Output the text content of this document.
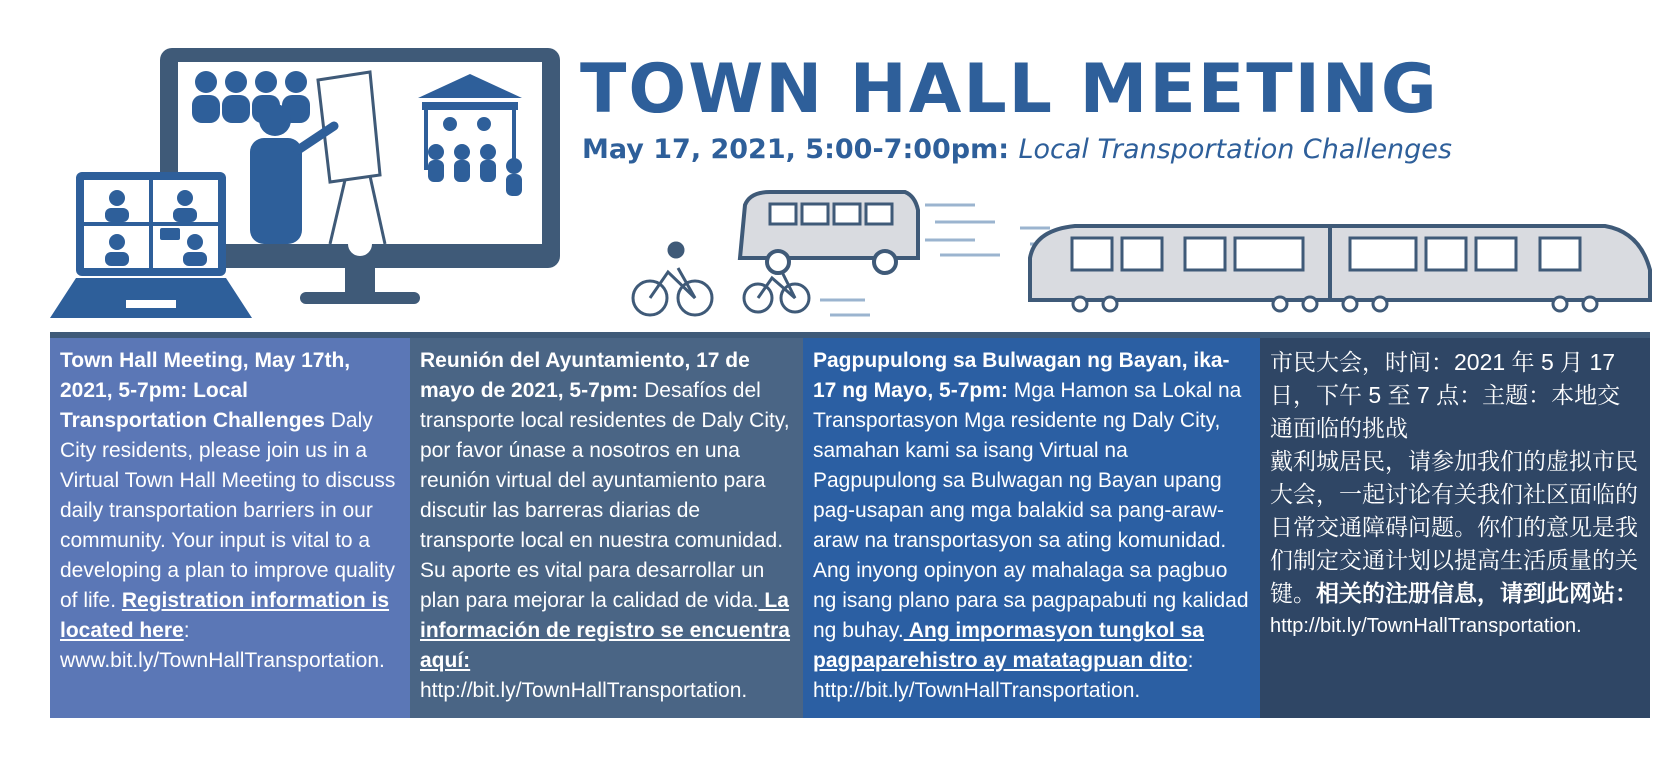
TOWN HALL MEETING
May 17, 2021, 5:00-7:00pm: Local Transportation Challenges

Town Hall Meeting, May 17th, 2021, 5-7pm: Local Transportation Challenges Daly City residents, please join us in a Virtual Town Hall Meeting to discuss daily transportation barriers in our community. Your input is vital to a developing a plan to improve quality of life. Registration information is located here:
www.bit.ly/TownHallTransportation.

Reunión del Ayuntamiento, 17 de mayo de 2021, 5-7pm: Desafíos del transporte local residentes de Daly City, por favor únase a nosotros en una reunión virtual del ayuntamiento para discutir las barreras diarias de transporte local en nuestra comunidad. Su aporte es vital para desarrollar un plan para mejorar la calidad de vida. La información de registro se encuentra aquí:
http://bit.ly/TownHallTransportation.

Pagpupulong sa Bulwagan ng Bayan, ika-17 ng Mayo, 5-7pm: Mga Hamon sa Lokal na Transportasyon Mga residente ng Daly City, samahan kami sa isang Virtual na Pagpupulong sa Bulwagan ng Bayan upang pag-usapan ang mga balakid sa pang-araw-araw na transportasyon sa ating komunidad. Ang inyong opinyon ay mahalaga sa pagbuo ng isang plano para sa pagpapabuti ng kalidad ng buhay. Ang impormasyon tungkol sa pagpaparehistro ay matatagpuan dito:
http://bit.ly/TownHallTransportation.

市民大会，时间：2021 年 5 月 17 日，下午 5 至 7 点：主题：本地交通面临的挑战
戴利城居民，请参加我们的虚拟市民大会，一起讨论有关我们社区面临的日常交通障碍问题。你们的意见是我们制定交通计划以提高生活质量的关键。相关的注册信息，请到此网站：
http://bit.ly/TownHallTransportation.
